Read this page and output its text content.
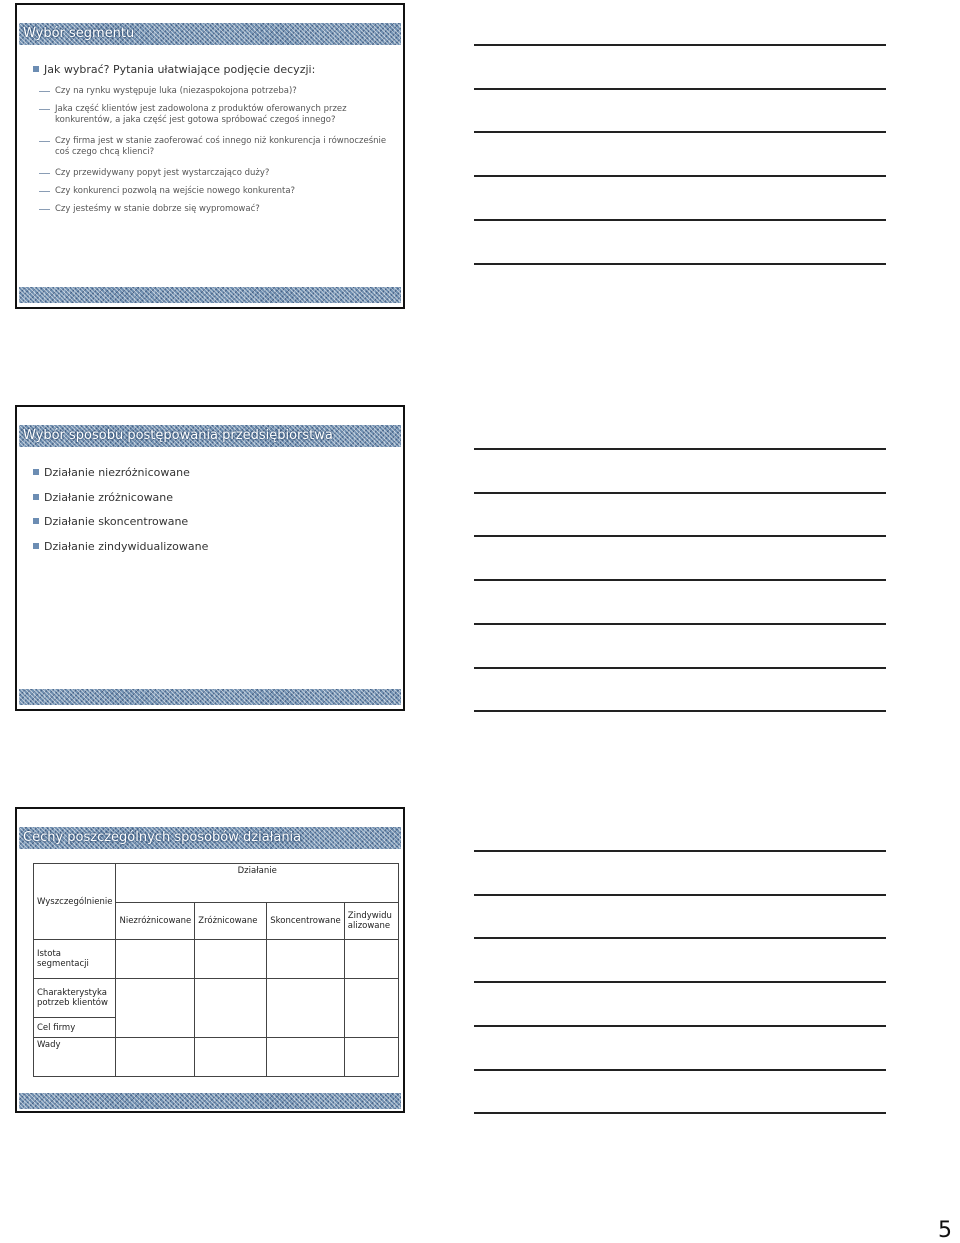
Wybór segmentu
Jak wybrać? Pytania ułatwiające podjęcie decyzji:
Czy na rynku występuje luka (niezaspokojona potrzeba)?
Jaka część klientów jest zadowolona z produktów oferowanych przez konkurentów, a jaka część jest gotowa spróbować czegoś innego?
Czy firma jest w stanie zaoferować coś innego niż konkurencja i równocześnie coś czego chcą klienci?
Czy przewidywany popyt jest wystarczająco duży?
Czy konkurenci pozwolą na wejście nowego konkurenta?
Czy jesteśmy w stanie dobrze się wypromować?
Wybór sposobu postępowania przedsiębiorstwa
Działanie niezróżnicowane
Działanie zróżnicowane
Działanie skoncentrowane
Działanie zindywidualizowane
Cechy poszczególnych sposobów działania
Wyszczególnienie	Działanie			
	Niezróżnicowane	Zróżnicowane	Skoncentrowane	Zindywidualizowane
Istota segmentacji				
Charakterystyka potrzeb klientów				
Cel firmy				
Wady				
5
